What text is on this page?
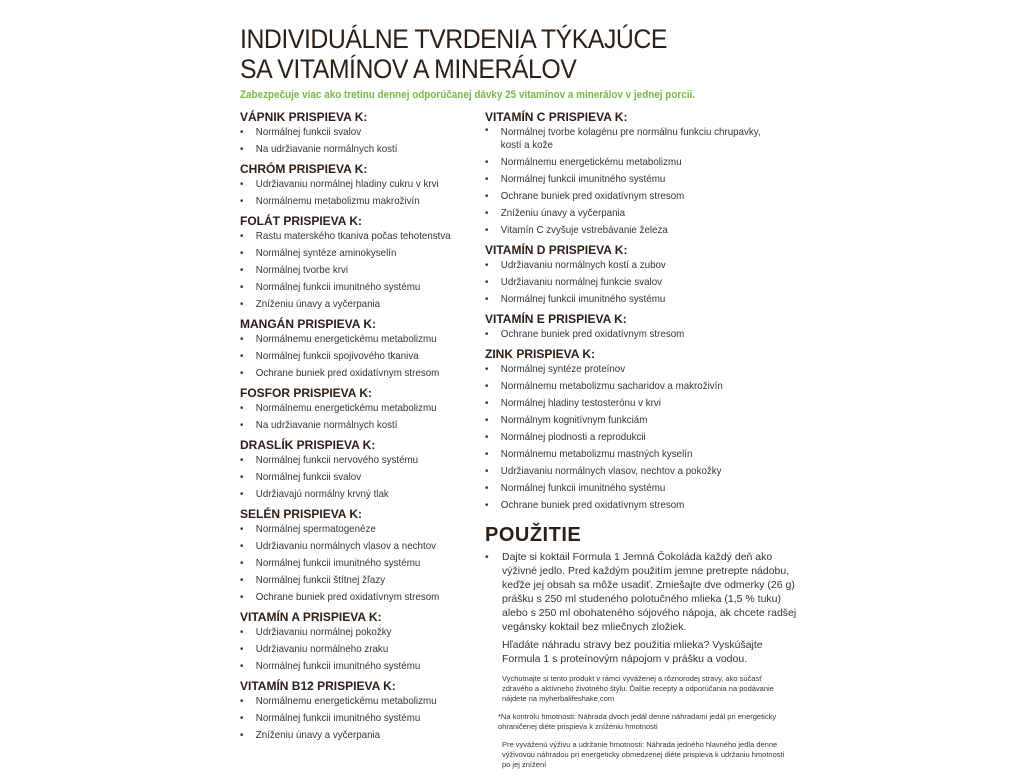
INDIVIDUÁLNE TVRDENIA TÝKAJÚCE
SA VITAMÍNOV A MINERÁLOV
Zabezpečuje viac ako tretinu dennej odporúčanej dávky 25 vitamínov a minerálov v jednej porcii.
VÁPNIK PRISPIEVA K:
• Normálnej funkcii svalov
• Na udržiavanie normálnych kostí
CHRÓM PRISPIEVA K:
• Udržiavaniu normálnej hladiny cukru v krvi
• Normálnemu metabolizmu makroživín
FOLÁT PRISPIEVA K:
• Rastu materského tkaniva počas tehotenstva
• Normálnej syntéze aminokyselín
• Normálnej tvorbe krvi
• Normálnej funkcii imunitného systému
• Zníženiu únavy a vyčerpania
MANGÁN PRISPIEVA K:
• Normálnemu energetickému metabolizmu
• Normálnej funkcii spojivového tkaniva
• Ochrane buniek pred oxidatívnym stresom
FOSFOR PRISPIEVA K:
• Normálnemu energetickému metabolizmu
• Na udržiavanie normálnych kostí
DRASLÍK PRISPIEVA K:
• Normálnej funkcii nervového systému
• Normálnej funkcii svalov
• Udržiavajú normálny krvný tlak
SELÉN PRISPIEVA K:
• Normálnej spermatogenéze
• Udržiavaniu normálnych vlasov a nechtov
• Normálnej funkcii imunitného systému
• Normálnej funkcii štítnej žľazy
• Ochrane buniek pred oxidatívnym stresom
VITAMÍN A PRISPIEVA K:
• Udržiavaniu normálnej pokožky
• Udržiavaniu normálneho zraku
• Normálnej funkcii imunitného systému
VITAMÍN B12 PRISPIEVA K:
• Normálnemu energetickému metabolizmu
• Normálnej funkcii imunitného systému
• Zníženiu únavy a vyčerpania
VITAMÍN C PRISPIEVA K:
• Normálnej tvorbe kolagénu pre normálnu funkciu chrupavky, kostí a kože
• Normálnemu energetickému metabolizmu
• Normálnej funkcii imunitného systému
• Ochrane buniek pred oxidatívnym stresom
• Zníženiu únavy a vyčerpania
• Vitamín C zvyšuje vstrebávanie železa
VITAMÍN D PRISPIEVA K:
• Udržiavaniu normálnych kostí a zubov
• Udržiavaniu normálnej funkcie svalov
• Normálnej funkcii imunitného systému
VITAMÍN E PRISPIEVA K:
• Ochrane buniek pred oxidatívnym stresom
ZINK PRISPIEVA K:
• Normálnej syntéze proteínov
• Normálnemu metabolizmu sacharidov a makroživín
• Normálnej hladiny testosterónu v krvi
• Normálnym kognitívnym funkciám
• Normálnej plodnosti a reprodukcii
• Normálnemu metabolizmu mastných kyselín
• Udržiavaniu normálnych vlasov, nechtov a pokožky
• Normálnej funkcii imunitného systému
• Ochrane buniek pred oxidatívnym stresom
POUŽITIE
• Dajte si koktail Formula 1 Jemná Čokoláda každý deň ako výživné jedlo. Pred každým použitím jemne pretrepte nádobu, keďže jej obsah sa môže usadiť. Zmiešajte dve odmerky (26 g) prášku s 250 ml studeného polotučného mlieka (1,5 % tuku) alebo s 250 ml obohateného sójového nápoja, ak chcete radšej vegánsky koktail bez mliečnych zložiek.

Hľadáte náhradu stravy bez použitia mlieka? Vyskúšajte Formula 1 s proteínovým nápojom v prášku a vodou.

Vychutnajte si tento produkt v rámci vyváženej a rôznorodej stravy, ako súčasť zdravého a aktívneho životného štýlu. Ďalšie recepty a odporúčania na podávanie nájdete na myherbalifeshake.com

*Na kontrolu hmotnosti: Náhrada dvoch jedál denne náhradami jedál pri energeticky ohraničenej diéte prispieva k zníženiu hmotnosti

Pre vyváženú výživu a udržanie hmotnosti: Náhrada jedného hlavného jedla denne výživovou náhradou pri energeticky obmedzenej diéte prispieva k udržaniu hmotnosti po jej znížení
